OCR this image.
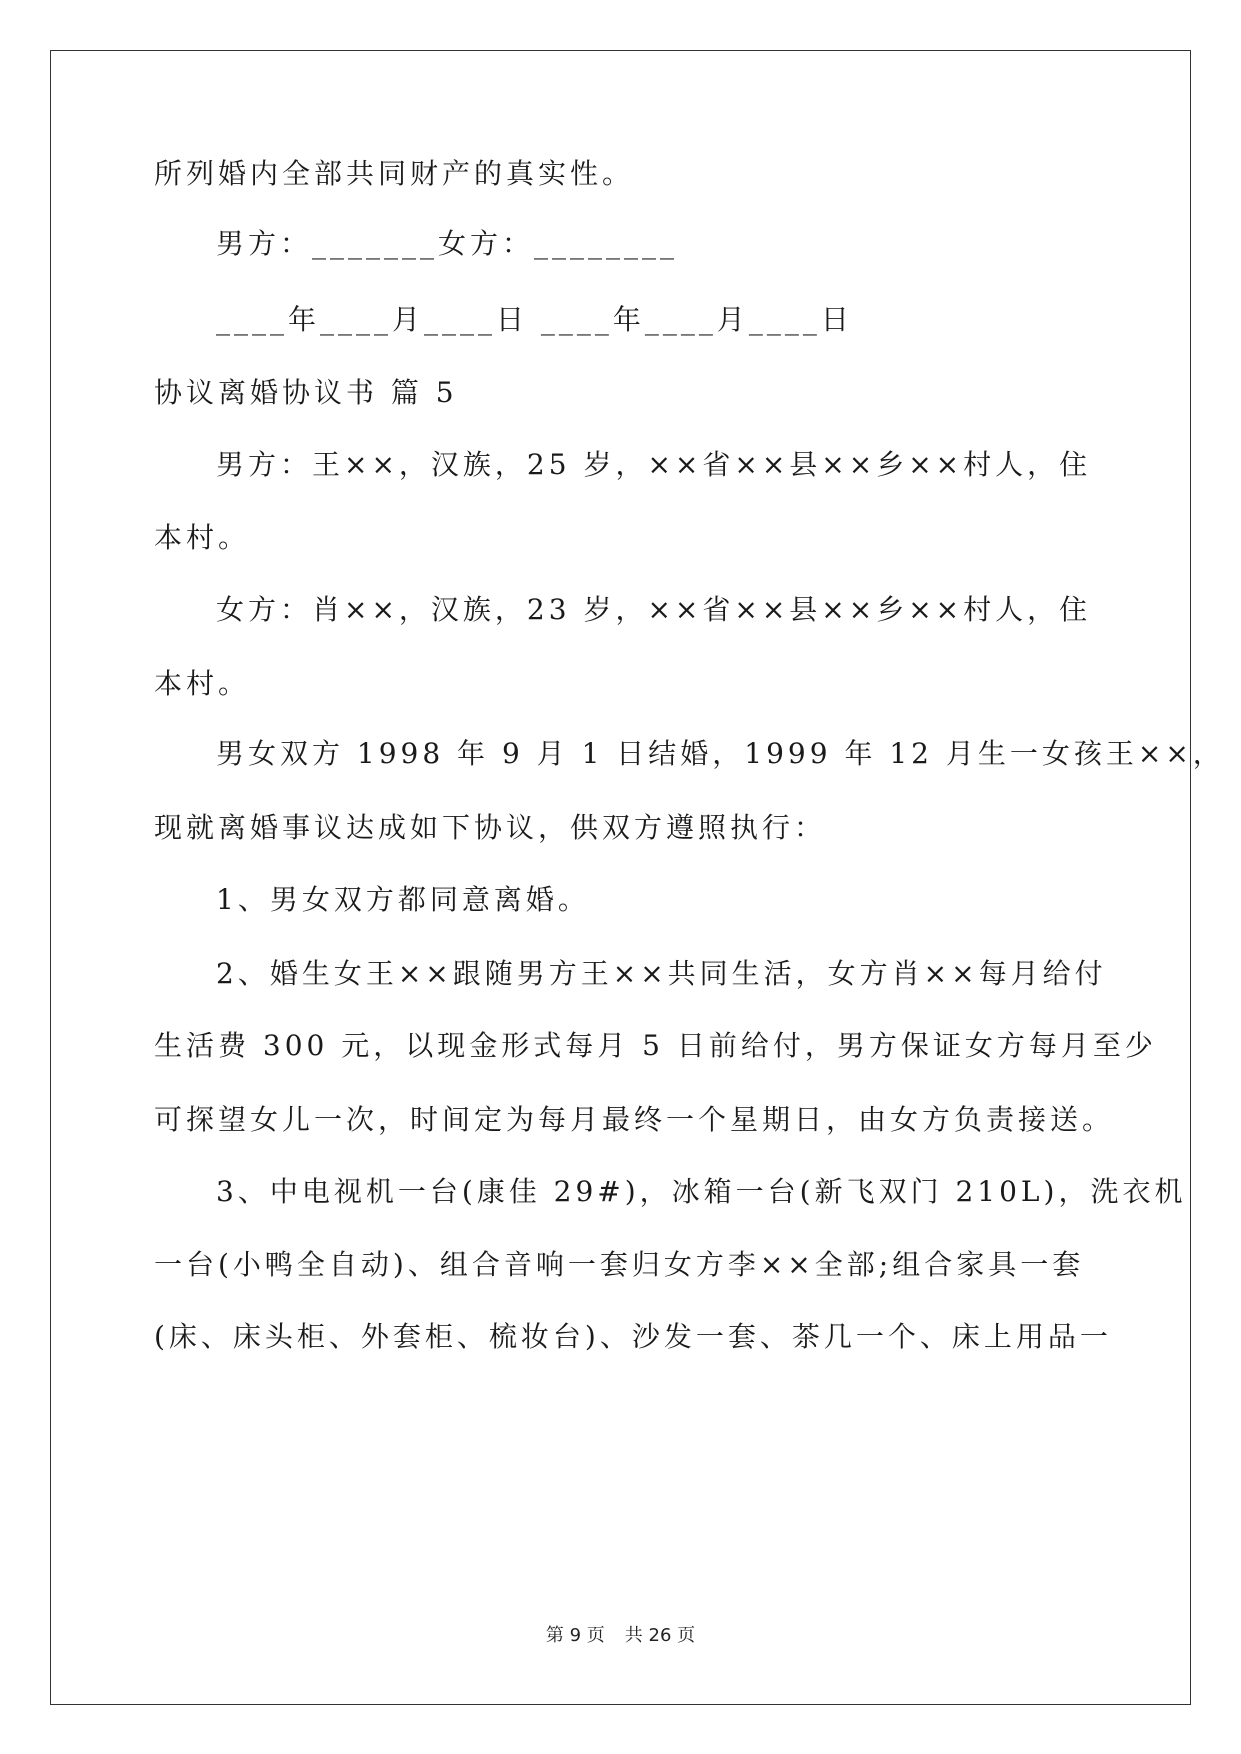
所列婚内全部共同财产的真实性。
男方：_______女方：________
____年____月____日 ____年____月____日
协议离婚协议书 篇 5
男方：王××，汉族，25 岁，××省××县××乡××村人，住
本村。
女方：肖××，汉族，23 岁，××省××县××乡××村人，住
本村。
男女双方 1998 年 9 月 1 日结婚，1999 年 12 月生一女孩王××，
现就离婚事议达成如下协议，供双方遵照执行：
1、男女双方都同意离婚。
2、婚生女王××跟随男方王××共同生活，女方肖××每月给付
生活费 300 元，以现金形式每月 5 日前给付，男方保证女方每月至少
可探望女儿一次，时间定为每月最终一个星期日，由女方负责接送。
3、中电视机一台(康佳 29#)，冰箱一台(新飞双门 210L)，洗衣机
一台(小鸭全自动)、组合音响一套归女方李××全部;组合家具一套
(床、床头柜、外套柜、梳妆台)、沙发一套、茶几一个、床上用品一
第 9 页 共 26 页
